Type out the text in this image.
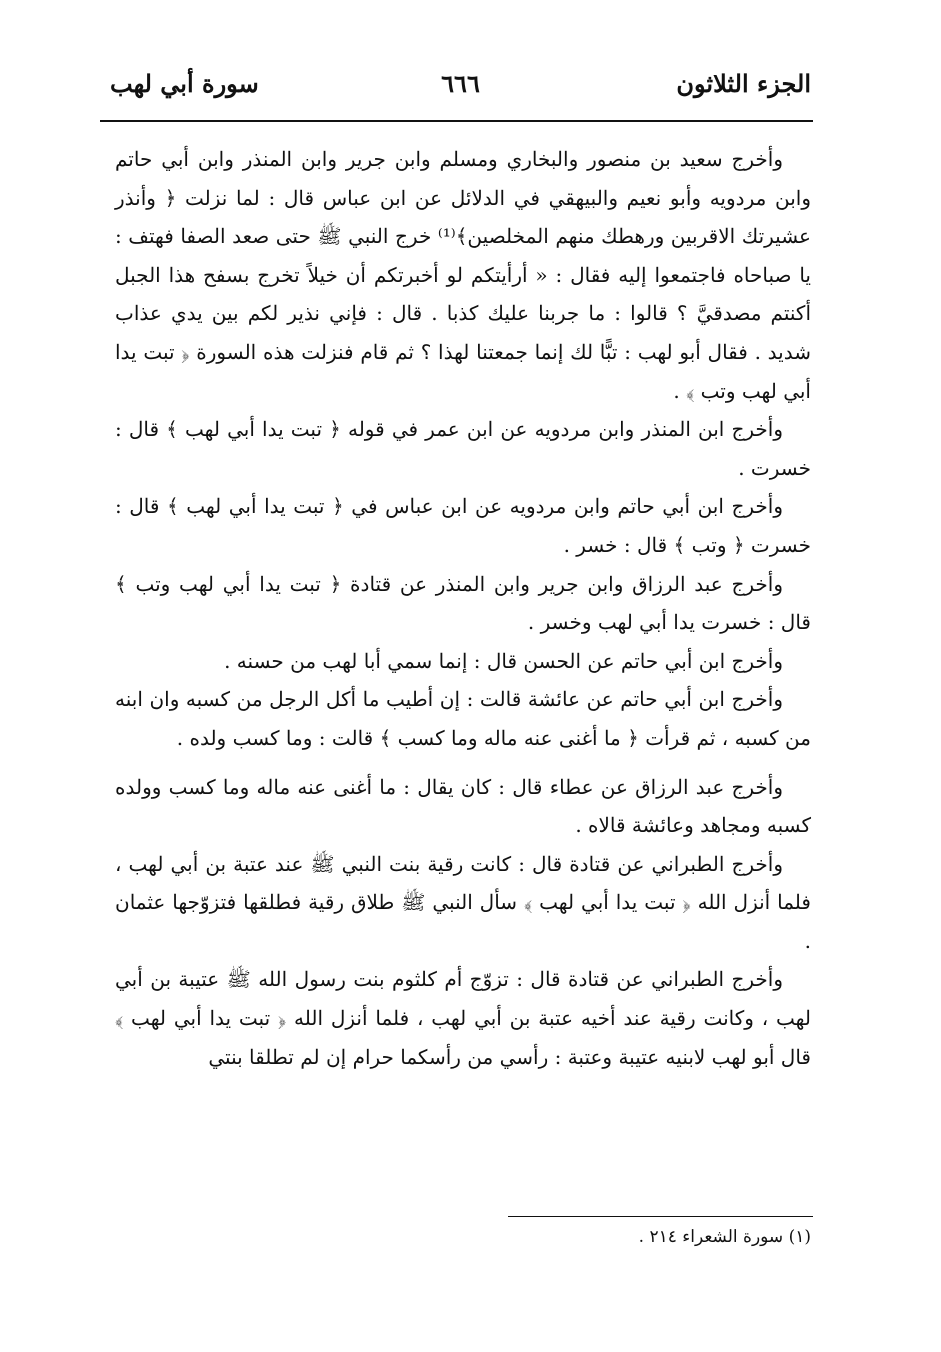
الجزء الثلاثون
٦٦٦
سورة أبي لهب

وأخرج سعيد بن منصور والبخاري ومسلم وابن جرير وابن المنذر وابن أبي حاتم وابن مردويه وأبو نعيم والبيهقي في الدلائل عن ابن عباس قال : لما نزلت ﴿ وأنذر عشيرتك الاقربين ورهطك منهم المخلصين﴾⁽¹⁾ خرج النبي ﷺ حتى صعد الصفا فهتف : يا صباحاه فاجتمعوا إليه فقال : « أرأيتكم لو أخبرتكم أن خيلاً تخرج بسفح هذا الجبل أكنتم مصدقيَّ ؟ قالوا : ما جربنا عليك كذبا . قال : فإني نذير لكم بين يدي عذاب شديد . فقال أبو لهب : تبًّا لك إنما جمعتنا لهذا ؟ ثم قام فنزلت هذه السورة ﴿ تبت يدا أبي لهب وتب ﴾ .

وأخرج ابن المنذر وابن مردويه عن ابن عمر في قوله ﴿ تبت يدا أبي لهب ﴾ قال : خسرت .

وأخرج ابن أبي حاتم وابن مردويه عن ابن عباس في ﴿ تبت يدا أبي لهب ﴾ قال : خسرت ﴿ وتب ﴾ قال : خسر .

وأخرج عبد الرزاق وابن جرير وابن المنذر عن قتادة ﴿ تبت يدا أبي لهب وتب ﴾ قال : خسرت يدا أبي لهب وخسر .

وأخرج ابن أبي حاتم عن الحسن قال : إنما سمي أبا لهب من حسنه .

وأخرج ابن أبي حاتم عن عائشة قالت : إن أطيب ما أكل الرجل من كسبه وان ابنه من كسبه ، ثم قرأت ﴿ ما أغنى عنه ماله وما كسب ﴾ قالت : وما كسب ولده .

وأخرج عبد الرزاق عن عطاء قال : كان يقال : ما أغنى عنه ماله وما كسب وولده كسبه ومجاهد وعائشة قالاه .

وأخرج الطبراني عن قتادة قال : كانت رقية بنت النبي ﷺ عند عتبة بن أبي لهب ، فلما أنزل الله ﴿ تبت يدا أبي لهب ﴾ سأل النبي ﷺ طلاق رقية فطلقها فتزوّجها عثمان .

وأخرج الطبراني عن قتادة قال : تزوّج أم كلثوم بنت رسول الله ﷺ عتيبة بن أبي لهب ، وكانت رقية عند أخيه عتبة بن أبي لهب ، فلما أنزل الله ﴿ تبت يدا أبي لهب ﴾ قال أبو لهب لابنيه عتيبة وعتبة : رأسي من رأسكما حرام إن لم تطلقا بنتي

(١) سورة الشعراء ٢١٤ .
